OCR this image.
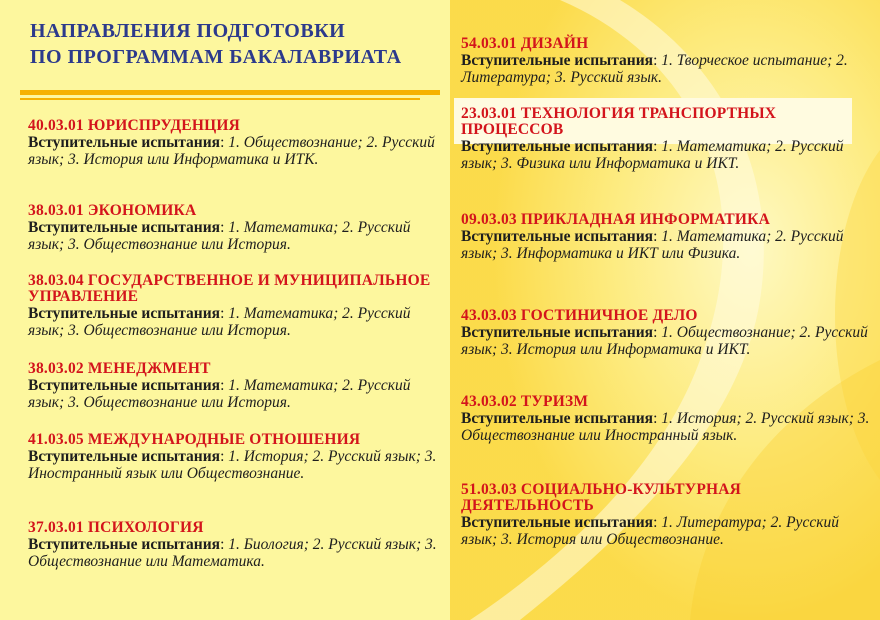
НАПРАВЛЕНИЯ ПОДГОТОВКИ
ПО ПРОГРАММАМ БАКАЛАВРИАТА
40.03.01 ЮРИСПРУДЕНЦИЯ
Вступительные испытания: 1. Обществознание; 2. Русский язык; 3. История или Информатика и ИТК.
38.03.01 ЭКОНОМИКА
Вступительные испытания: 1. Математика; 2. Русский язык; 3. Обществознание или История.
38.03.04 ГОСУДАРСТВЕННОЕ И МУНИЦИПАЛЬНОЕ УПРАВЛЕНИЕ
Вступительные испытания: 1. Математика; 2. Русский язык; 3. Обществознание или История.
38.03.02 МЕНЕДЖМЕНТ
Вступительные испытания: 1. Математика; 2. Русский язык; 3. Обществознание или История.
41.03.05 МЕЖДУНАРОДНЫЕ ОТНОШЕНИЯ
Вступительные испытания: 1. История; 2. Русский язык; 3. Иностранный язык или Обществознание.
37.03.01 ПСИХОЛОГИЯ
Вступительные испытания: 1. Биология; 2. Русский язык; 3. Обществознание или Математика.
54.03.01 ДИЗАЙН
Вступительные испытания: 1. Творческое испытание; 2. Литература; 3. Русский язык.
23.03.01 ТЕХНОЛОГИЯ ТРАНСПОРТНЫХ ПРОЦЕССОВ
Вступительные испытания: 1. Математика; 2. Русский язык; 3. Физика или Информатика и ИКТ.
09.03.03 ПРИКЛАДНАЯ ИНФОРМАТИКА
Вступительные испытания: 1. Математика; 2. Русский язык; 3. Информатика и ИКТ или Физика.
43.03.03 ГОСТИНИЧНОЕ ДЕЛО
Вступительные испытания: 1. Обществознание; 2. Русский язык; 3. История или Информатика и ИКТ.
43.03.02 ТУРИЗМ
Вступительные испытания: 1. История; 2. Русский язык; 3. Обществознание или Иностранный язык.
51.03.03 СОЦИАЛЬНО-КУЛЬТУРНАЯ ДЕЯТЕЛЬНОСТЬ
Вступительные испытания: 1. Литература; 2. Русский язык; 3. История или Обществознание.
